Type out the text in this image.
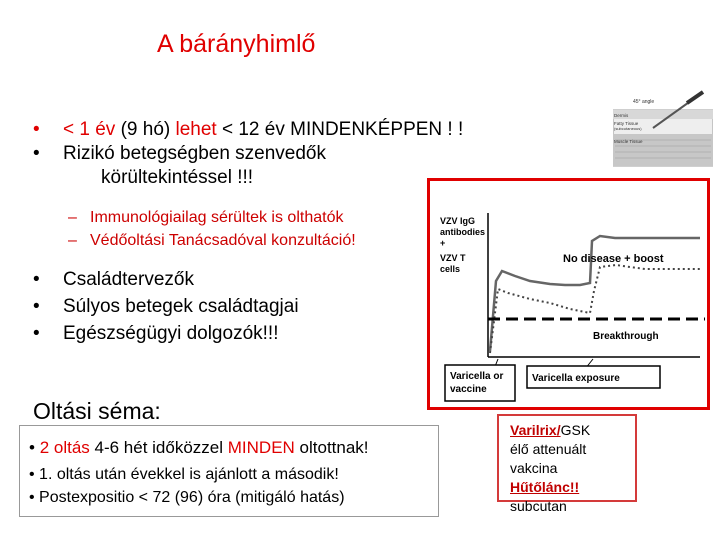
A bárányhimlő
• < 1 év (9 hó) lehet < 12 év MINDENKÉPPEN ! !
• Rizikó betegségben szenvedők
körültekintéssel !!!
– Immunológiailag sérültek is olthatók
– Védőoltási Tanácsadóval konzultáció!
• Családtervezők
• Súlyos betegek családtagjai
• Egészségügyi dolgozók!!!
45° angle
Dermis
Fatty Tissue
(subcutaneous)
Muscle Tissue
VZV IgG
antibodies
+
VZV T
cells
No disease + boost
Breakthrough
Varicella or
vaccine
Varicella exposure
Oltási séma:
• 2 oltás 4-6 hét időközzel MINDEN oltottnak!
• 1. oltás után évekkel is ajánlott a második!
• Postexpositio < 72 (96) óra (mitigáló hatás)
Varilrix/GSK
élő attenuált vakcina
Hűtőlánc!!
subcutan
